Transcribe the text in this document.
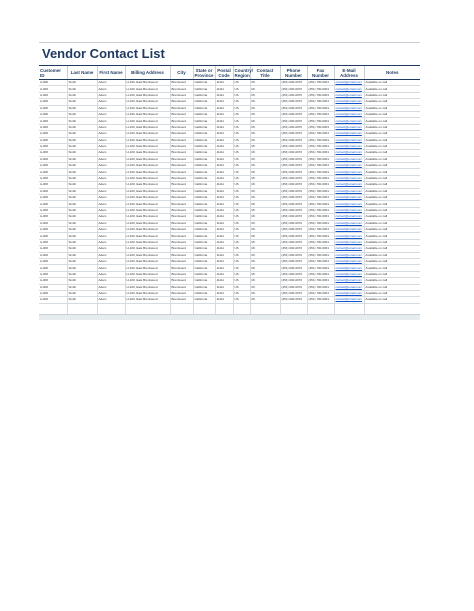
Vendor Contact List
Customer ID	Last Name	First Name	Billing Address	City	State or Province	Postal Code	Country/ Region	Contact Title	Phone Number	Fax Number	E-Mail Address	Notes
A-000	Smith	Adam	H-100, East Brentwood	Brentwood	California	11111	US	Mr.	(451) 000-0070	(451) 700-0001	contact@email.com	Available on call
A-000	Smith	Adam	H-100, East Brentwood	Brentwood	California	11111	US	Mr.	(451) 000-0070	(451) 700-0001	contact@email.com	Available on call
A-000	Smith	Adam	H-100, East Brentwood	Brentwood	California	11111	US	Mr.	(451) 000-0070	(451) 700-0001	contact@email.com	Available on call
A-000	Smith	Adam	H-100, East Brentwood	Brentwood	California	11111	US	Mr.	(451) 000-0070	(451) 700-0001	contact@email.com	Available on call
A-000	Smith	Adam	H-100, East Brentwood	Brentwood	California	11111	US	Mr.	(451) 000-0070	(451) 700-0001	contact@email.com	Available on call
A-000	Smith	Adam	H-100, East Brentwood	Brentwood	California	11111	US	Mr.	(451) 000-0070	(451) 700-0001	contact@email.com	Available on call
A-000	Smith	Adam	H-100, East Brentwood	Brentwood	California	11111	US	Mr.	(451) 000-0070	(451) 700-0001	contact@email.com	Available on call
A-000	Smith	Adam	H-100, East Brentwood	Brentwood	California	11111	US	Mr.	(451) 000-0070	(451) 700-0001	contact@email.com	Available on call
A-000	Smith	Adam	H-100, East Brentwood	Brentwood	California	11111	US	Mr.	(451) 000-0070	(451) 700-0001	contact@email.com	Available on call
A-000	Smith	Adam	H-100, East Brentwood	Brentwood	California	11111	US	Mr.	(451) 000-0070	(451) 700-0001	contact@email.com	Available on call
A-000	Smith	Adam	H-100, East Brentwood	Brentwood	California	11111	US	Mr.	(451) 000-0070	(451) 700-0001	contact@email.com	Available on call
A-000	Smith	Adam	H-100, East Brentwood	Brentwood	California	11111	US	Mr.	(451) 000-0070	(451) 700-0001	contact@email.com	Available on call
A-000	Smith	Adam	H-100, East Brentwood	Brentwood	California	11111	US	Mr.	(451) 000-0070	(451) 700-0001	contact@email.com	Available on call
A-000	Smith	Adam	H-100, East Brentwood	Brentwood	California	11111	US	Mr.	(451) 000-0070	(451) 700-0001	contact@email.com	Available on call
A-000	Smith	Adam	H-100, East Brentwood	Brentwood	California	11111	US	Mr.	(451) 000-0070	(451) 700-0001	contact@email.com	Available on call
A-000	Smith	Adam	H-100, East Brentwood	Brentwood	California	11111	US	Mr.	(451) 000-0070	(451) 700-0001	contact@email.com	Available on call
A-000	Smith	Adam	H-100, East Brentwood	Brentwood	California	11111	US	Mr.	(451) 000-0070	(451) 700-0001	contact@email.com	Available on call
A-000	Smith	Adam	H-100, East Brentwood	Brentwood	California	11111	US	Mr.	(451) 000-0070	(451) 700-0001	contact@email.com	Available on call
A-000	Smith	Adam	H-100, East Brentwood	Brentwood	California	11111	US	Mr.	(451) 000-0070	(451) 700-0001	contact@email.com	Available on call
A-000	Smith	Adam	H-100, East Brentwood	Brentwood	California	11111	US	Mr.	(451) 000-0070	(451) 700-0001	contact@email.com	Available on call
A-000	Smith	Adam	H-100, East Brentwood	Brentwood	California	11111	US	Mr.	(451) 000-0070	(451) 700-0001	contact@email.com	Available on call
A-000	Smith	Adam	H-100, East Brentwood	Brentwood	California	11111	US	Mr.	(451) 000-0070	(451) 700-0001	contact@email.com	Available on call
A-000	Smith	Adam	H-100, East Brentwood	Brentwood	California	11111	US	Mr.	(451) 000-0070	(451) 700-0001	contact@email.com	Available on call
A-000	Smith	Adam	H-100, East Brentwood	Brentwood	California	11111	US	Mr.	(451) 000-0070	(451) 700-0001	contact@email.com	Available on call
A-000	Smith	Adam	H-100, East Brentwood	Brentwood	California	11111	US	Mr.	(451) 000-0070	(451) 700-0001	contact@email.com	Available on call
A-000	Smith	Adam	H-100, East Brentwood	Brentwood	California	11111	US	Mr.	(451) 000-0070	(451) 700-0001	contact@email.com	Available on call
A-000	Smith	Adam	H-100, East Brentwood	Brentwood	California	11111	US	Mr.	(451) 000-0070	(451) 700-0001	contact@email.com	Available on call
A-000	Smith	Adam	H-100, East Brentwood	Brentwood	California	11111	US	Mr.	(451) 000-0070	(451) 700-0001	contact@email.com	Available on call
A-000	Smith	Adam	H-100, East Brentwood	Brentwood	California	11111	US	Mr.	(451) 000-0070	(451) 700-0001	contact@email.com	Available on call
A-000	Smith	Adam	H-100, East Brentwood	Brentwood	California	11111	US	Mr.	(451) 000-0070	(451) 700-0001	contact@email.com	Available on call
A-000	Smith	Adam	H-100, East Brentwood	Brentwood	California	11111	US	Mr.	(451) 000-0070	(451) 700-0001	contact@email.com	Available on call
A-000	Smith	Adam	H-100, East Brentwood	Brentwood	California	11111	US	Mr.	(451) 000-0070	(451) 700-0001	contact@email.com	Available on call
A-000	Smith	Adam	H-100, East Brentwood	Brentwood	California	11111	US	Mr.	(451) 000-0070	(451) 700-0001	contact@email.com	Available on call
A-000	Smith	Adam	H-100, East Brentwood	Brentwood	California	11111	US	Mr.	(451) 000-0070	(451) 700-0001	contact@email.com	Available on call
A-000	Smith	Adam	H-100, East Brentwood	Brentwood	California	11111	US	Mr.	(451) 000-0070	(451) 700-0001	contact@email.com	Available on call
